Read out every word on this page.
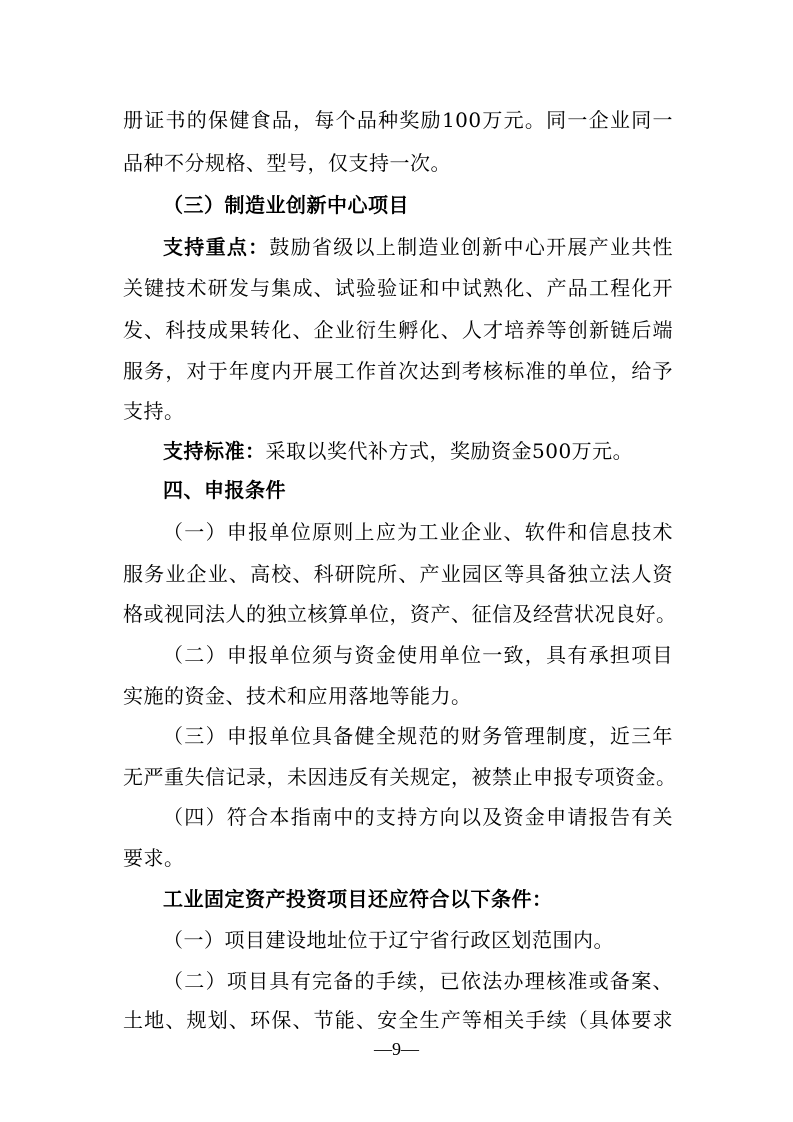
册证书的保健食品，每个品种奖励100万元。同一企业同一
品种不分规格、型号，仅支持一次。
（三）制造业创新中心项目
支持重点：鼓励省级以上制造业创新中心开展产业共性
关键技术研发与集成、试验验证和中试熟化、产品工程化开
发、科技成果转化、企业衍生孵化、人才培养等创新链后端
服务，对于年度内开展工作首次达到考核标准的单位，给予
支持。
支持标准：采取以奖代补方式，奖励资金500万元。
四、申报条件
（一）申报单位原则上应为工业企业、软件和信息技术
服务业企业、高校、科研院所、产业园区等具备独立法人资
格或视同法人的独立核算单位，资产、征信及经营状况良好。
（二）申报单位须与资金使用单位一致，具有承担项目
实施的资金、技术和应用落地等能力。
（三）申报单位具备健全规范的财务管理制度，近三年
无严重失信记录，未因违反有关规定，被禁止申报专项资金。
（四）符合本指南中的支持方向以及资金申请报告有关
要求。
工业固定资产投资项目还应符合以下条件：
（一）项目建设地址位于辽宁省行政区划范围内。
（二）项目具有完备的手续，已依法办理核准或备案、
土地、规划、环保、节能、安全生产等相关手续（具体要求
—9—
